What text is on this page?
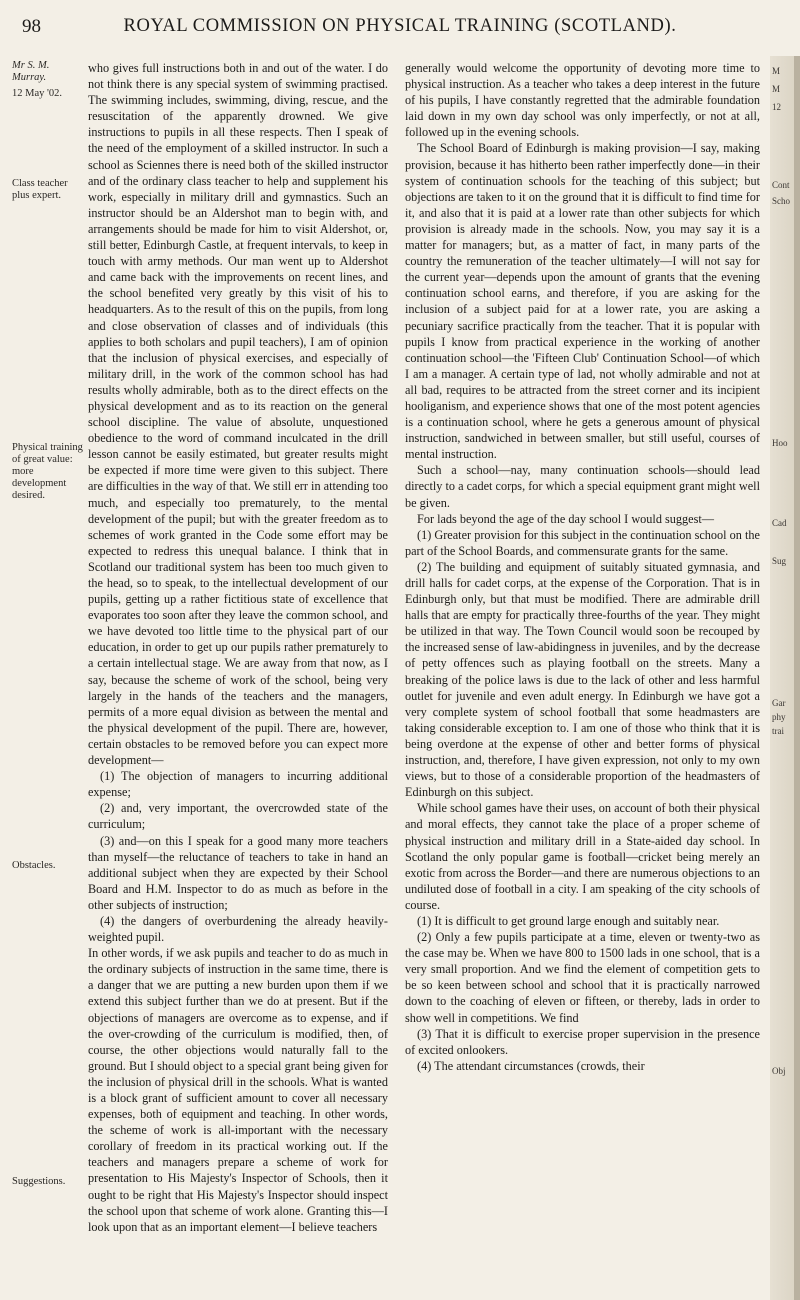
98	ROYAL COMMISSION ON PHYSICAL TRAINING (SCOTLAND).
Mr S. M. Murray.
12 May '02.
Class teacher plus expert.
Physical training of great value: more development desired.
Obstacles.
Suggestions.

who gives full instructions both in and out of the water. I do not think there is any special system of swimming practised. The swimming includes, swimming, diving, rescue, and the resuscitation of the apparently drowned. We give instructions to pupils in all these respects. Then I speak of the need of the employment of a skilled instructor. In such a school as Sciennes there is need both of the skilled instructor and of the ordinary class teacher to help and supplement his work, especially in military drill and gymnastics. Such an instructor should be an Aldershot man to begin with, and arrangements should be made for him to visit Aldershot, or, still better, Edinburgh Castle, at frequent intervals, to keep in touch with army methods. Our man went up to Aldershot and came back with the improvements on recent lines, and the school benefited very greatly by this visit of his to headquarters. As to the result of this on the pupils, from long and close observation of classes and of individuals (this applies to both scholars and pupil teachers), I am of opinion that the inclusion of physical exercises, and especially of military drill, in the work of the common school has had results wholly admirable, both as to the direct effects on the physical development and as to its reaction on the general school discipline. The value of absolute, unquestioned obedience to the word of command inculcated in the drill lesson cannot be easily estimated, but greater results might be expected if more time were given to this subject. There are difficulties in the way of that. We still err in attending too much, and especially too prematurely, to the mental development of the pupil; but with the greater freedom as to schemes of work granted in the Code some effort may be expected to redress this unequal balance. I think that in Scotland our traditional system has been too much given to the head, so to speak, to the intellectual development of our pupils, getting up a rather fictitious state of excellence that evaporates too soon after they leave the common school, and we have devoted too little time to the physical part of our education, in order to get up our pupils rather prematurely to a certain intellectual stage. We are away from that now, as I say, because the scheme of work of the school, being very largely in the hands of the teachers and the managers, permits of a more equal division as between the mental and the physical development of the pupil. There are, however, certain obstacles to be removed before you can expect more development—

(1) The objection of managers to incurring additional expense;

(2) and, very important, the overcrowded state of the curriculum;

(3) and—on this I speak for a good many more teachers than myself—the reluctance of teachers to take in hand an additional subject when they are expected by their School Board and H.M. Inspector to do as much as before in the other subjects of instruction;

(4) the dangers of overburdening the already heavily-weighted pupil.

In other words, if we ask pupils and teacher to do as much in the ordinary subjects of instruction in the same time, there is a danger that we are putting a new burden upon them if we extend this subject further than we do at present. But if the objections of managers are overcome as to expense, and if the over-crowding of the curriculum is modified, then, of course, the other objections would naturally fall to the ground. But I should object to a special grant being given for the inclusion of physical drill in the schools. What is wanted is a block grant of sufficient amount to cover all necessary expenses, both of equipment and teaching. In other words, the scheme of work is all-important with the necessary corollary of freedom in its practical working out. If the teachers and managers prepare a scheme of work for presentation to His Majesty's Inspector of Schools, then it ought to be right that His Majesty's Inspector should inspect the school upon that scheme of work alone. Granting this—I look upon that as an important element—I believe teachers

generally would welcome the opportunity of devoting more time to physical instruction. As a teacher who takes a deep interest in the future of his pupils, I have constantly regretted that the admirable foundation laid down in my own day school was only imperfectly, or not at all, followed up in the evening schools.

The School Board of Edinburgh is making provision—I say, making provision, because it has hitherto been rather imperfectly done—in their system of continuation schools for the teaching of this subject; but objections are taken to it on the ground that it is difficult to find time for it, and also that it is paid at a lower rate than other subjects for which provision is already made in the schools. Now, you may say it is a matter for managers; but, as a matter of fact, in many parts of the country the remuneration of the teacher ultimately—I will not say for the current year—depends upon the amount of grants that the evening continuation school earns, and therefore, if you are asking for the inclusion of a subject paid for at a lower rate, you are asking a pecuniary sacrifice practically from the teacher. That it is popular with pupils I know from practical experience in the working of another continuation school—the 'Fifteen Club' Continuation School—of which I am a manager. A certain type of lad, not wholly admirable and not at all bad, requires to be attracted from the street corner and its incipient hooliganism, and experience shows that one of the most potent agencies is a continuation school, where he gets a generous amount of physical instruction, sandwiched in between smaller, but still useful, courses of mental instruction.

Such a school—nay, many continuation schools—should lead directly to a cadet corps, for which a special equipment grant might well be given.

For lads beyond the age of the day school I would suggest—

(1) Greater provision for this subject in the continuation school on the part of the School Boards, and commensurate grants for the same.

(2) The building and equipment of suitably situated gymnasia, and drill halls for cadet corps, at the expense of the Corporation. That is in Edinburgh only, but that must be modified. There are admirable drill halls that are empty for practically three-fourths of the year. They might be utilized in that way. The Town Council would soon be recouped by the increased sense of law-abidingness in juveniles, and by the decrease of petty offences such as playing football on the streets. Many a breaking of the police laws is due to the lack of other and less harmful outlet for juvenile and even adult energy. In Edinburgh we have got a very complete system of school football that some headmasters are taking considerable exception to. I am one of those who think that it is being overdone at the expense of other and better forms of physical instruction, and, therefore, I have given expression, not only to my own views, but to those of a considerable proportion of the headmasters of Edinburgh on this subject.

While school games have their uses, on account of both their physical and moral effects, they cannot take the place of a proper scheme of physical instruction and military drill in a State-aided day school. In Scotland the only popular game is football—cricket being merely an exotic from across the Border—and there are numerous objections to an undiluted dose of football in a city. I am speaking of the city schools of course.

(1) It is difficult to get ground large enough and suitably near.

(2) Only a few pupils participate at a time, eleven or twenty-two as the case may be. When we have 800 to 1500 lads in one school, that is a very small proportion. And we find the element of competition gets to be so keen between school and school that it is practically narrowed down to the coaching of eleven or fifteen, or thereby, lads in order to show well in competitions. We find

(3) That it is difficult to exercise proper supervision in the presence of excited onlookers.

(4) The attendant circumstances (crowds, their

M
M
12
Cont
Scho
Hoo
Cad
Sug
Gar
phy
trai
Obj
